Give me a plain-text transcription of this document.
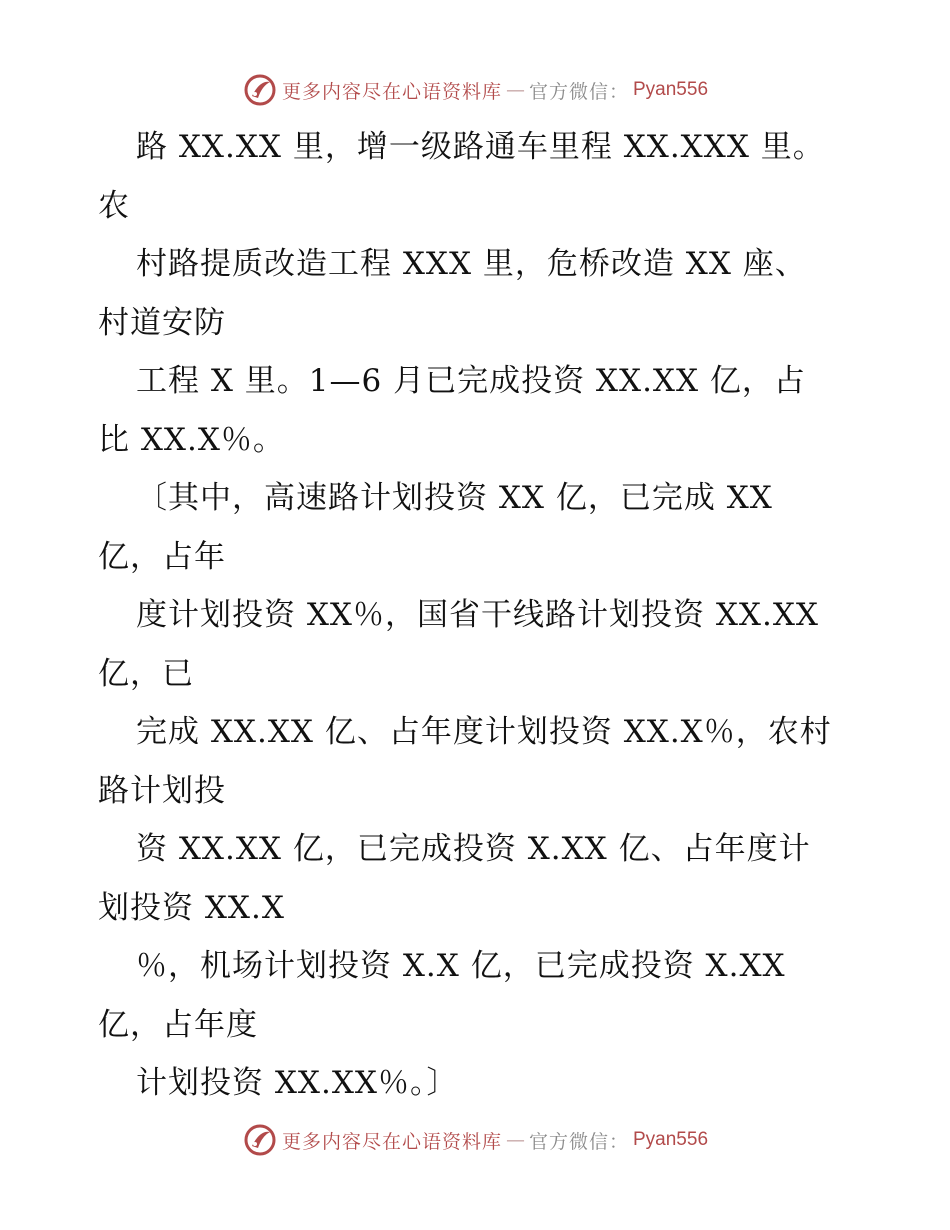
更多内容尽在心语资料库 — 官方微信： Pyan556
路 XX.XX 里，增一级路通车里程 XX.XXX 里。
农
村路提质改造工程 XXX 里，危桥改造 XX 座、
村道安防
工程 X 里。1—6 月已完成投资 XX.XX 亿，占
比 XX.X％。
〔其中，高速路计划投资 XX 亿，已完成 XX
亿，占年
度计划投资 XX％，国省干线路计划投资 XX.XX
亿，已
完成 XX.XX 亿、占年度计划投资 XX.X％，农村
路计划投
资 XX.XX 亿，已完成投资 X.XX 亿、占年度计
划投资 XX.X
％，机场计划投资 X.X 亿，已完成投资 X.XX
亿，占年度
计划投资 XX.XX％。〕
更多内容尽在心语资料库 — 官方微信： Pyan556
